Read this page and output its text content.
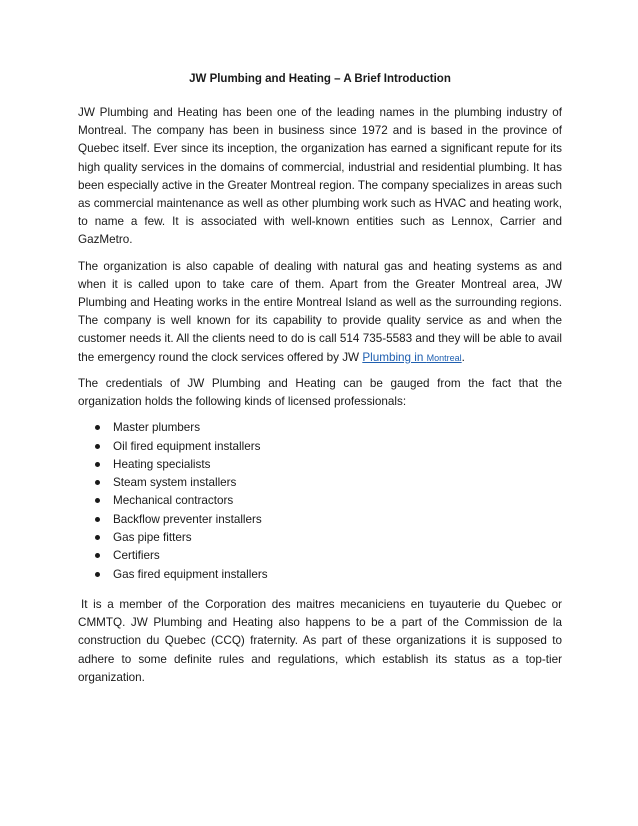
JW Plumbing and Heating – A Brief Introduction

JW Plumbing and Heating has been one of the leading names in the plumbing industry of Montreal. The company has been in business since 1972 and is based in the province of Quebec itself. Ever since its inception, the organization has earned a significant repute for its high quality services in the domains of commercial, industrial and residential plumbing. It has been especially active in the Greater Montreal region. The company specializes in areas such as commercial maintenance as well as other plumbing work such as HVAC and heating work, to name a few. It is associated with well-known entities such as Lennox, Carrier and GazMetro.

The organization is also capable of dealing with natural gas and heating systems as and when it is called upon to take care of them. Apart from the Greater Montreal area, JW Plumbing and Heating works in the entire Montreal Island as well as the surrounding regions. The company is well known for its capability to provide quality service as and when the customer needs it. All the clients need to do is call 514 735-5583 and they will be able to avail the emergency round the clock services offered by JW Plumbing in Montreal.

The credentials of JW Plumbing and Heating can be gauged from the fact that the organization holds the following kinds of licensed professionals:

Master plumbers
Oil fired equipment installers
Heating specialists
Steam system installers
Mechanical contractors
Backflow preventer installers
Gas pipe fitters
Certifiers
Gas fired equipment installers

It is a member of the Corporation des maitres mecaniciens en tuyauterie du Quebec or CMMTQ. JW Plumbing and Heating also happens to be a part of the Commission de la construction du Quebec (CCQ) fraternity. As part of these organizations it is supposed to adhere to some definite rules and regulations, which establish its status as a top-tier organization.
